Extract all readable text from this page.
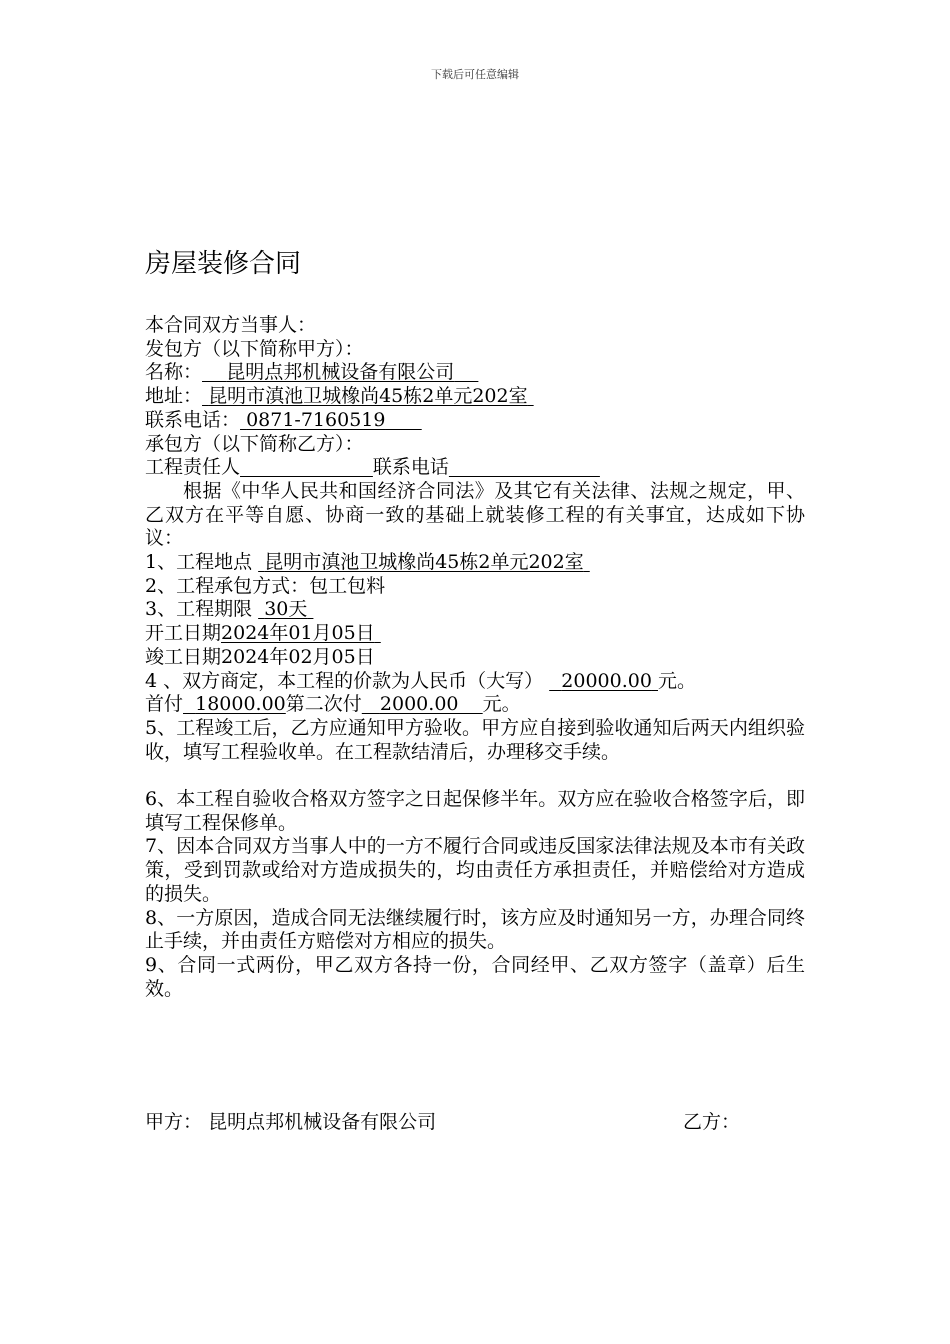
下载后可任意编辑
房屋装修合同
本合同双方当事人：
发包方（以下简称甲方）：
名称： 昆明点邦机械设备有限公司
地址： 昆明市滇池卫城橡尚45栋2单元202室
联系电话： 0871-7160519
承包方（以下简称乙方）：
工程责任人	联系电话
根据《中华人民共和国经济合同法》及其它有关法律、法规之规定，甲、乙双方在平等自愿、协商一致的基础上就装修工程的有关事宜，达成如下协议：
1、工程地点 昆明市滇池卫城橡尚45栋2单元202室
2、工程承包方式：包工包料
3、工程期限 30天
开工日期2024年01月05日
竣工日期2024年02月05日
4 、双方商定，本工程的价款为人民币（大写） 20000.00 元。
首付 18000.00第二次付 2000.00 元。
5、工程竣工后，乙方应通知甲方验收。甲方应自接到验收通知后两天内组织验收，填写工程验收单。在工程款结清后，办理移交手续。
6、本工程自验收合格双方签字之日起保修半年。双方应在验收合格签字后，即填写工程保修单。
7、因本合同双方当事人中的一方不履行合同或违反国家法律法规及本市有关政策，受到罚款或给对方造成损失的，均由责任方承担责任，并赔偿给对方造成的损失。
8、一方原因，造成合同无法继续履行时，该方应及时通知另一方，办理合同终止手续，并由责任方赔偿对方相应的损失。
9、合同一式两份，甲乙双方各持一份，合同经甲、乙双方签字（盖章）后生效。
甲方： 昆明点邦机械设备有限公司	乙方：
